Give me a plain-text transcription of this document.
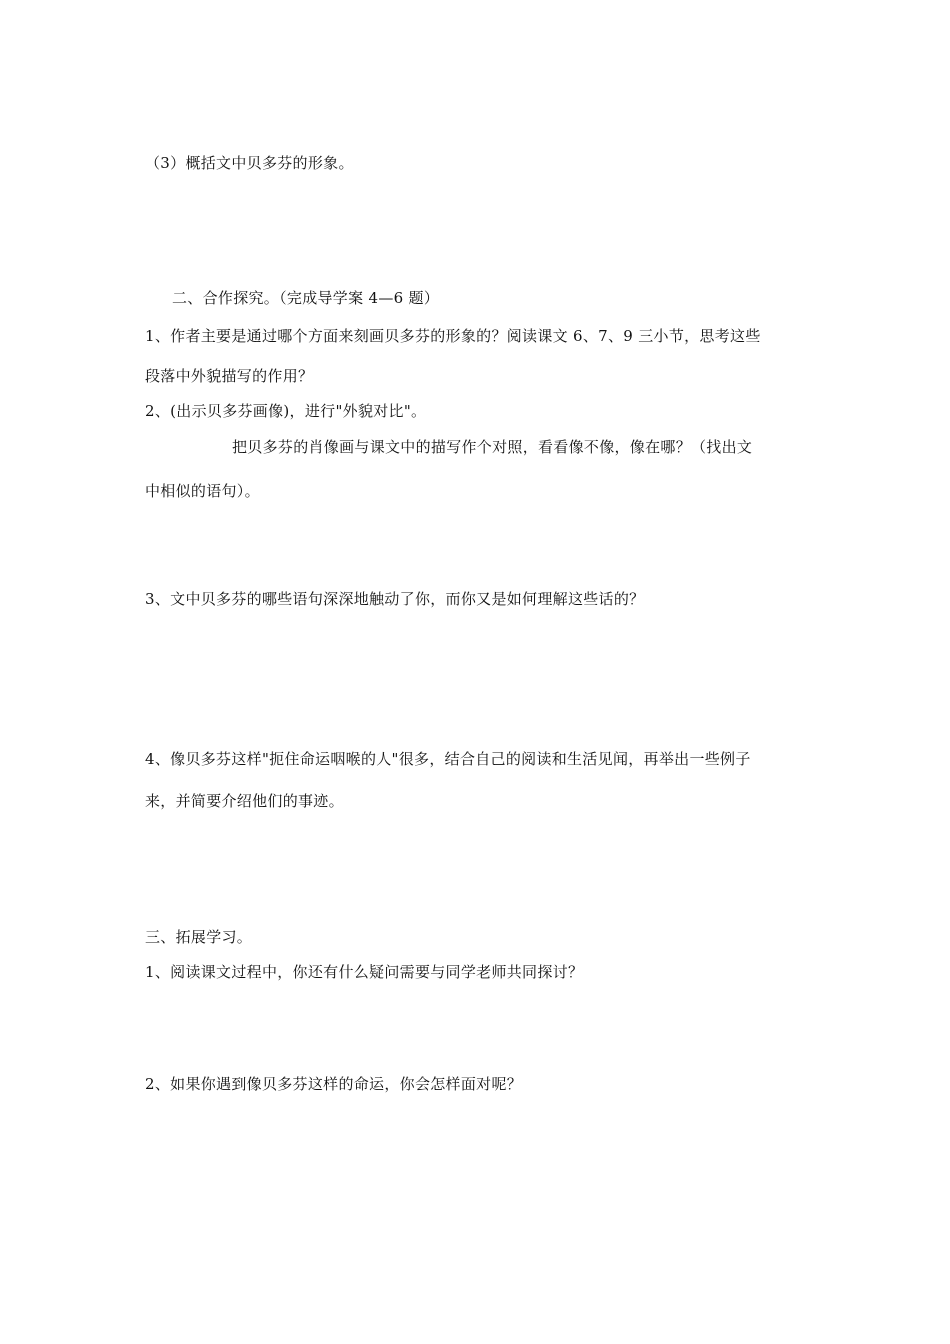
（3）概括文中贝多芬的形象。
二、合作探究。（完成导学案 4—6 题）
1、作者主要是通过哪个方面来刻画贝多芬的形象的？阅读课文 6、7、9 三小节，思考这些
段落中外貌描写的作用？
2、(出示贝多芬画像)，进行"外貌对比"。
把贝多芬的肖像画与课文中的描写作个对照，看看像不像，像在哪？（找出文
中相似的语句）。
3、文中贝多芬的哪些语句深深地触动了你，而你又是如何理解这些话的？
4、像贝多芬这样"扼住命运咽喉的人"很多，结合自己的阅读和生活见闻，再举出一些例子
来，并简要介绍他们的事迹。
三、拓展学习。
1、阅读课文过程中，你还有什么疑问需要与同学老师共同探讨？
2、如果你遇到像贝多芬这样的命运，你会怎样面对呢？
